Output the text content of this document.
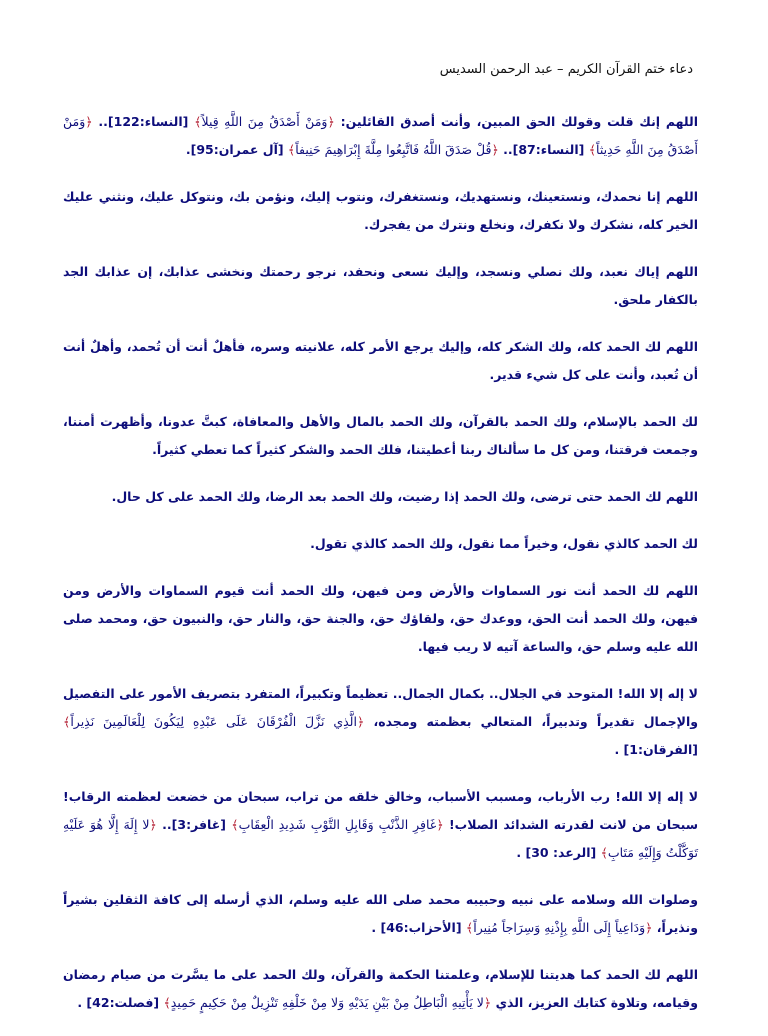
دعاء ختم القرآن الكريم – عبد الرحمن السديس

اللهم إنك قلت وقولك الحق المبين، وأنت أصدق القائلين: ﴿وَمَنْ أَصْدَقُ مِنَ اللَّهِ قِيلاً﴾ [النساء:122].. ﴿وَمَنْ أَصْدَقُ مِنَ اللَّهِ حَدِيثاً﴾ [النساء:87].. ﴿قُلْ صَدَقَ اللَّهُ فَاتَّبِعُوا مِلَّةَ إِبْرَاهِيمَ حَنِيفاً﴾ [آل عمران:95].

اللهم إنا نحمدك، ونستعينك، ونستهديك، ونستغفرك، ونتوب إليك، ونؤمن بك، ونتوكل عليك، ونثني عليك الخير كله، نشكرك ولا نكفرك، ونخلع ونترك من يفجرك.

اللهم إياك نعبد، ولك نصلي ونسجد، وإليك نسعى ونحفد، نرجو رحمتك ونخشى عذابك، إن عذابك الجد بالكفار ملحق.

اللهم لك الحمد كله، ولك الشكر كله، وإليك يرجع الأمر كله، علانيته وسره، فأهلٌ أنت أن تُحمد، وأهلٌ أنت أن تُعبد، وأنت على كل شيء قدير.

لك الحمد بالإسلام، ولك الحمد بالقرآن، ولك الحمد بالمال والأهل والمعافاة، كبتَّ عدونا، وأظهرت أمننا، وجمعت فرقتنا، ومن كل ما سألناك ربنا أعطيتنا، فلك الحمد والشكر كثيراً كما تعطي كثيراً.

اللهم لك الحمد حتى ترضى، ولك الحمد إذا رضيت، ولك الحمد بعد الرضا، ولك الحمد على كل حال.

لك الحمد كالذي نقول، وخيراً مما نقول، ولك الحمد كالذي تقول.

اللهم لك الحمد أنت نور السماوات والأرض ومن فيهن، ولك الحمد أنت قيوم السماوات والأرض ومن فيهن، ولك الحمد أنت الحق، ووعدك حق، ولقاؤك حق، والجنة حق، والنار حق، والنبيون حق، ومحمد صلى الله عليه وسلم حق، والساعة آتيه لا ريب فيها.

لا إله إلا الله! المتوحد في الجلال.. بكمال الجمال.. تعظيماً وتكبيراً، المتفرد بتصريف الأمور على التفصيل والإجمال تقديراً وتدبيراً، المتعالي بعظمته ومجده، ﴿الَّذِي نَزَّلَ الْفُرْقَانَ عَلَى عَبْدِهِ لِيَكُونَ لِلْعَالَمِينَ نَذِيراً﴾ [الفرقان:1] .

لا إله إلا الله! رب الأرباب، ومسبب الأسباب، وخالق خلقه من تراب، سبحان من خضعت لعظمته الرقاب! سبحان من لانت لقدرته الشدائد الصلاب! ﴿غَافِرِ الذَّنْبِ وَقَابِلِ التَّوْبِ شَدِيدِ الْعِقَابِ﴾ [غافر:3].. ﴿لا إِلَهَ إِلَّا هُوَ عَلَيْهِ تَوَكَّلْتُ وَإِلَيْهِ مَتَابِ﴾ [الرعد: 30] .

وصلوات الله وسلامه على نبيه وحبيبه محمد صلى الله عليه وسلم، الذي أرسله إلى كافة الثقلين بشيراً ونذيراً، ﴿وَدَاعِياً إِلَى اللَّهِ بِإِذْنِهِ وَسِرَاجاً مُنِيراً﴾ [الأحزاب:46] .

اللهم لك الحمد كما هديتنا للإسلام، وعلمتنا الحكمة والقرآن، ولك الحمد على ما يسَّرت من صيام رمضان وقيامه، وتلاوة كتابك العزيز، الذي ﴿لا يَأْتِيهِ الْبَاطِلُ مِنْ بَيْنِ يَدَيْهِ وَلا مِنْ خَلْفِهِ تَنْزِيلٌ مِنْ حَكِيمٍ حَمِيدٍ﴾ [فصلت:42] .
